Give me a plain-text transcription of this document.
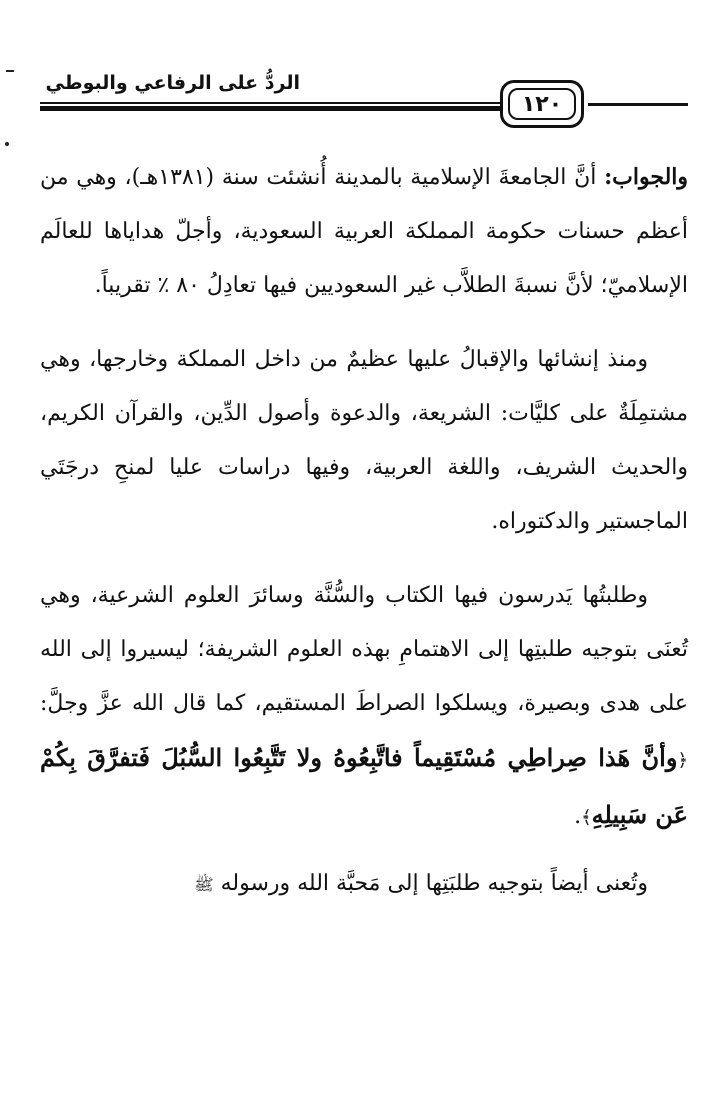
الردُّ على الرفاعي والبوطي
١٢٠

والجواب: أنَّ الجامعةَ الإسلامية بالمدينة أُنشئت سنة (١٣٨١هـ)، وهي من أعظم حسنات حكومة المملكة العربية السعودية، وأجلّ هداياها للعالَم الإسلاميّ؛ لأنَّ نسبةَ الطلاَّب غير السعوديين فيها تعادِلُ ٨٠ ٪ تقريباً.

ومنذ إنشائها والإقبالُ عليها عظيمٌ من داخل المملكة وخارجها، وهي مشتمِلَةٌ على كليَّات: الشريعة، والدعوة وأصول الدِّين، والقرآن الكريم، والحديث الشريف، واللغة العربية، وفيها دراسات عليا لمنحِ درجَتَي الماجستير والدكتوراه.

وطلبتُها يَدرسون فيها الكتاب والسُّنَّة وسائرَ العلوم الشرعية، وهي تُعنَى بتوجيه طلبتِها إلى الاهتمامِ بهذه العلوم الشريفة؛ ليسيروا إلى الله على هدى وبصيرة، ويسلكوا الصراطَ المستقيم، كما قال الله عزَّ وجلَّ: ﴿وأنَّ هَذا صِراطِي مُسْتَقِيماً فاتَّبِعُوهُ ولا تَتَّبِعُوا السُّبُلَ فَتفرَّقَ بِكُمْ عَن سَبِيلِهِ﴾.

وتُعنى أيضاً بتوجيه طلبَتِها إلى مَحبَّة الله ورسوله ﷺ
